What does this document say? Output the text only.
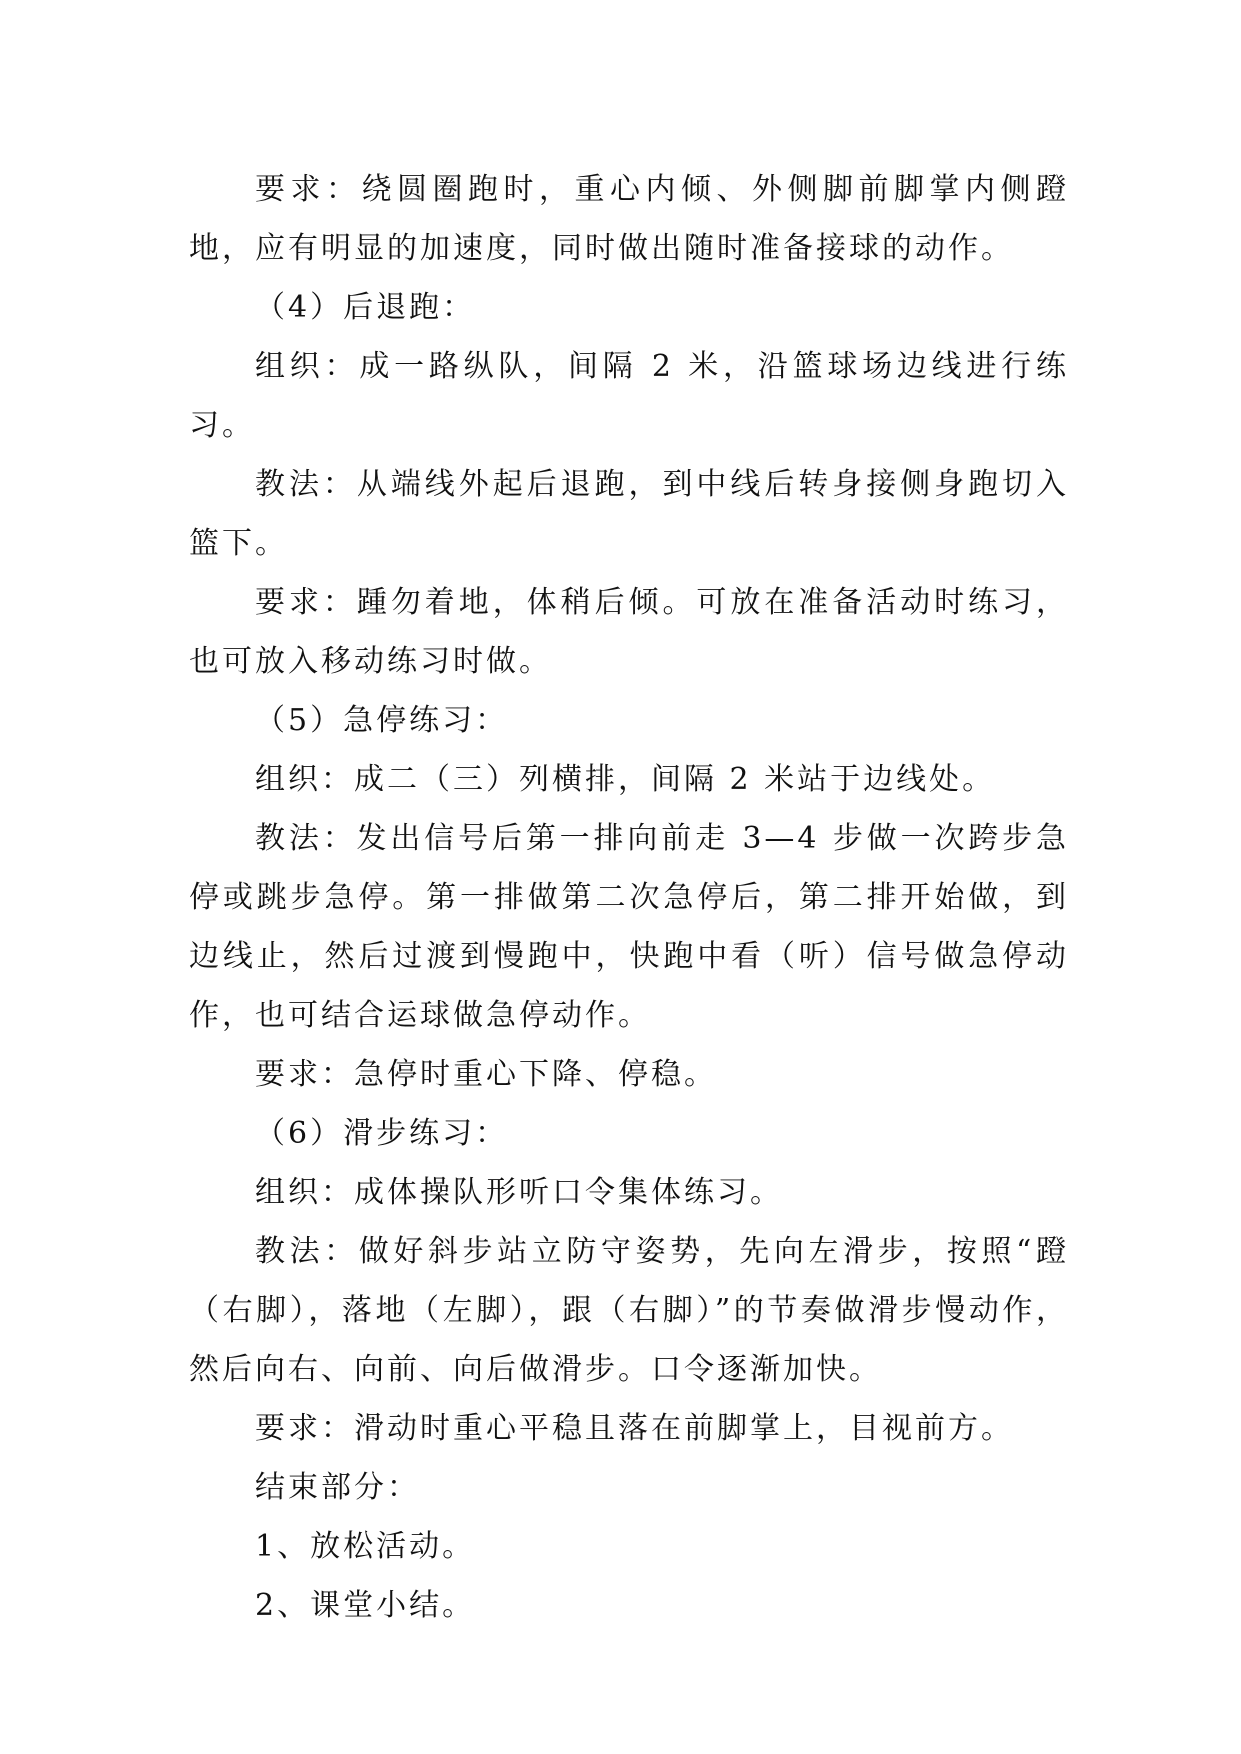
要求：绕圆圈跑时，重心内倾、外侧脚前脚掌内侧蹬地，应有明显的加速度，同时做出随时准备接球的动作。

（4）后退跑：

组织：成一路纵队，间隔 2 米，沿篮球场边线进行练习。

教法：从端线外起后退跑，到中线后转身接侧身跑切入篮下。

要求：踵勿着地，体稍后倾。可放在准备活动时练习，也可放入移动练习时做。

（5）急停练习：

组织：成二（三）列横排，间隔 2 米站于边线处。

教法：发出信号后第一排向前走 3—4 步做一次跨步急停或跳步急停。第一排做第二次急停后，第二排开始做，到边线止，然后过渡到慢跑中，快跑中看（听）信号做急停动作，也可结合运球做急停动作。

要求：急停时重心下降、停稳。

（6）滑步练习：

组织：成体操队形听口令集体练习。

教法：做好斜步站立防守姿势，先向左滑步，按照“蹬（右脚），落地（左脚），跟（右脚）”的节奏做滑步慢动作，然后向右、向前、向后做滑步。口令逐渐加快。

要求：滑动时重心平稳且落在前脚掌上，目视前方。

结束部分：

1、放松活动。

2、课堂小结。
